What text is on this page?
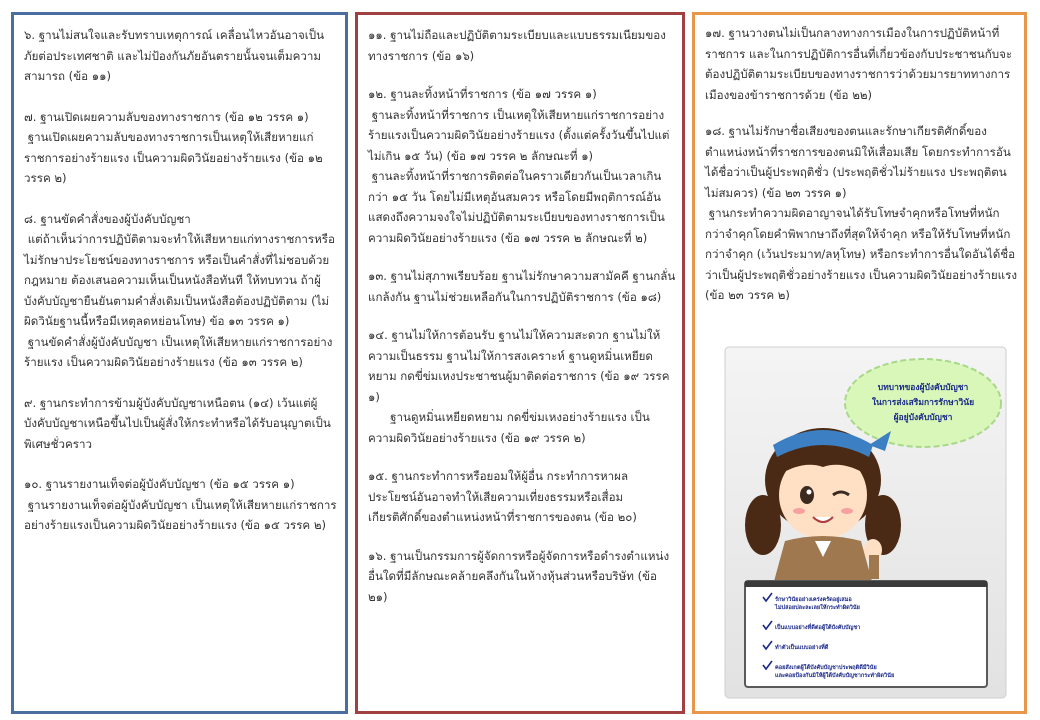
๖. ฐานไม่สนใจและรับทราบเหตุการณ์ เคลื่อนไหวอันอาจเป็นภัยต่อประเทศชาติ และไม่ป้องกันภัยอันตรายนั้นจนเต็มความสามารถ (ข้อ ๑๑)

๗. ฐานเปิดเผยความลับของทางราชการ (ข้อ ๑๒ วรรค ๑)
ฐานเปิดเผยความลับของทางราชการเป็นเหตุให้เสียหายแก่ราชการอย่างร้ายแรง เป็นความผิดวินัยอย่างร้ายแรง (ข้อ ๑๒ วรรค ๒)

๘. ฐานขัดคำสั่งของผู้บังคับบัญชา
แต่ถ้าเห็นว่าการปฏิบัติตามจะทำให้เสียหายแก่ทางราชการหรือไม่รักษาประโยชน์ของทางราชการ หรือเป็นคำสั่งที่ไม่ชอบด้วยกฎหมาย ต้องเสนอความเห็นเป็นหนังสือทันที ให้ทบทวน ถ้าผู้บังคับบัญชายืนยันตามคำสั่งเดิมเป็นหนังสือต้องปฏิบัติตาม (ไม่ผิดวินัยฐานนี้หรือมีเหตุลดหย่อนโทษ) ข้อ ๑๓ วรรค ๑)
ฐานขัดคำสั่งผู้บังคับบัญชา เป็นเหตุให้เสียหายแก่ราชการอย่างร้ายแรง เป็นความผิดวินัยอย่างร้ายแรง (ข้อ ๑๓ วรรค ๒)

๙. ฐานกระทำการข้ามผู้บังคับบัญชาเหนือตน (๑๔) เว้นแต่ผู้บังคับบัญชาเหนือขึ้นไปเป็นผู้สั่งให้กระทำหรือได้รับอนุญาตเป็นพิเศษชั่วคราว

๑๐. ฐานรายงานเท็จต่อผู้บังคับบัญชา (ข้อ ๑๕ วรรค ๑)
ฐานรายงานเท็จต่อผู้บังคับบัญชา เป็นเหตุให้เสียหายแก่ราชการอย่างร้ายแรงเป็นความผิดวินัยอย่างร้ายแรง (ข้อ ๑๕ วรรค ๒)

๑๑. ฐานไม่ถือและปฏิบัติตามระเบียบและแบบธรรมเนียมของทางราชการ (ข้อ ๑๖)

๑๒. ฐานละทิ้งหน้าที่ราชการ (ข้อ ๑๗ วรรค ๑)
ฐานละทิ้งหน้าที่ราชการ เป็นเหตุให้เสียหายแก่ราชการอย่างร้ายแรงเป็นความผิดวินัยอย่างร้ายแรง (ตั้งแต่ครั้งวันขึ้นไปแต่ไม่เกิน ๑๕ วัน) (ข้อ ๑๗ วรรค ๒ ลักษณะที่ ๑)
ฐานละทิ้งหน้าที่ราชการติดต่อในคราวเดียวกันเป็นเวลาเกินกว่า ๑๕ วัน โดยไม่มีเหตุอันสมควร หรือโดยมีพฤติการณ์อันแสดงถึงความจงใจไม่ปฏิบัติตามระเบียบของทางราชการเป็นความผิดวินัยอย่างร้ายแรง (ข้อ ๑๗ วรรค ๒ ลักษณะที่ ๒)

๑๓. ฐานไม่สุภาพเรียบร้อย ฐานไม่รักษาความสามัคคี ฐานกลั่นแกล้งกัน ฐานไม่ช่วยเหลือกันในการปฏิบัติราชการ (ข้อ ๑๘)

๑๔. ฐานไม่ให้การต้อนรับ ฐานไม่ให้ความสะดวก ฐานไม่ให้ความเป็นธรรม ฐานไม่ให้การสงเคราะห์ ฐานดูหมิ่นเหยียดหยาม กดขี่ข่มเหงประชาชนผู้มาติดต่อราชการ (ข้อ ๑๙ วรรค ๑)
ฐานดูหมิ่นเหยียดหยาม กดขี่ข่มเหงอย่างร้ายแรง เป็นความผิดวินัยอย่างร้ายแรง (ข้อ ๑๙ วรรค ๒)

๑๕. ฐานกระทำการหรือยอมให้ผู้อื่น กระทำการหาผลประโยชน์อันอาจทำให้เสียความเที่ยงธรรมหรือเสื่อมเกียรติศักดิ์ของตำแหน่งหน้าที่ราชการของตน (ข้อ ๒๐)

๑๖. ฐานเป็นกรรมการผู้จัดการหรือผู้จัดการหรือดำรงตำแหน่งอื่นใดที่มีลักษณะคล้ายคลึงกันในห้างหุ้นส่วนหรือบริษัท (ข้อ ๒๑)

๑๗. ฐานวางตนไม่เป็นกลางทางการเมืองในการปฏิบัติหน้าที่ราชการ และในการปฏิบัติการอื่นที่เกี่ยวข้องกับประชาชนกับจะต้องปฏิบัติตามระเบียบของทางราชการว่าด้วยมารยาททางการเมืองของข้าราชการด้วย (ข้อ ๒๒)

๑๘. ฐานไม่รักษาชื่อเสียงของตนและรักษาเกียรติศักดิ์ของตำแหน่งหน้าที่ราชการของตนมิให้เสื่อมเสีย โดยกระทำการอันได้ชื่อว่าเป็นผู้ประพฤติชั่ว (ประพฤติชั่วไม่ร้ายแรง ประพฤติตนไม่สมควร) (ข้อ ๒๓ วรรค ๑)
ฐานกระทำความผิดอาญาจนได้รับโทษจำคุกหรือโทษที่หนักกว่าจำคุกโดยคำพิพากษาถึงที่สุดให้จำคุก หรือให้รับโทษที่หนักกว่าจำคุก (เว้นประมาท/ลหุโทษ) หรือกระทำการอื่นใดอันได้ชื่อว่าเป็นผู้ประพฤติชั่วอย่างร้ายแรง เป็นความผิดวินัยอย่างร้ายแรง (ข้อ ๒๓ วรรค ๒)

บทบาทของผู้บังคับบัญชา
ในการส่งเสริมการรักษาวินัย
ผู้อยู่บังคับบัญชา
รักษาวินัยอย่างเคร่งครัดอยู่เสมอ
ไม่ปล่อยปละละเลยให้กระทำผิดวินัย
เป็นแบบอย่างที่ดีต่อผู้ใต้บังคับบัญชา
ทำตัวเป็นแบบอย่างที่ดี
คอยสังเกตผู้ใต้บังคับบัญชาประพฤติดีมีวินัย
และคอยป้องกันมิให้ผู้ใต้บังคับบัญชากระทำผิดวินัย
